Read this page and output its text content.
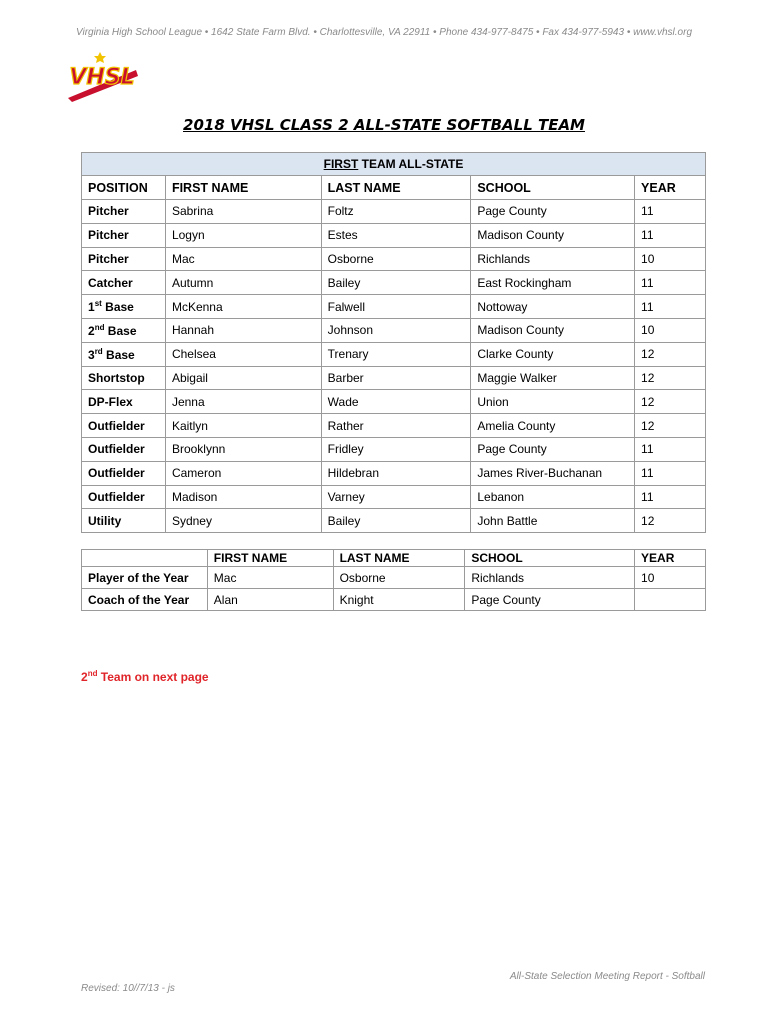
Virginia High School League • 1642 State Farm Blvd. • Charlottesville, VA 22911 • Phone 434-977-8475 • Fax 434-977-5943 • www.vhsl.org
VHSL
2018 VHSL CLASS 2 ALL-STATE SOFTBALL TEAM
FIRST TEAM ALL-STATE				
POSITION	FIRST NAME	LAST NAME	SCHOOL	YEAR
Pitcher	Sabrina	Foltz	Page County	11
Pitcher	Logyn	Estes	Madison County	11
Pitcher	Mac	Osborne	Richlands	10
Catcher	Autumn	Bailey	East Rockingham	11
1st Base	McKenna	Falwell	Nottoway	11
2nd Base	Hannah	Johnson	Madison County	10
3rd Base	Chelsea	Trenary	Clarke County	12
Shortstop	Abigail	Barber	Maggie Walker	12
DP-Flex	Jenna	Wade	Union	12
Outfielder	Kaitlyn	Rather	Amelia County	12
Outfielder	Brooklynn	Fridley	Page County	11
Outfielder	Cameron	Hildebran	James River-Buchanan	11
Outfielder	Madison	Varney	Lebanon	11
Utility	Sydney	Bailey	John Battle	12
	FIRST NAME	LAST NAME	SCHOOL	YEAR
Player of the Year	Mac	Osborne	Richlands	10
Coach of the Year	Alan	Knight	Page County	
2nd Team on next page
All-State Selection Meeting Report - Softball
Revised: 10//7/13 - js
